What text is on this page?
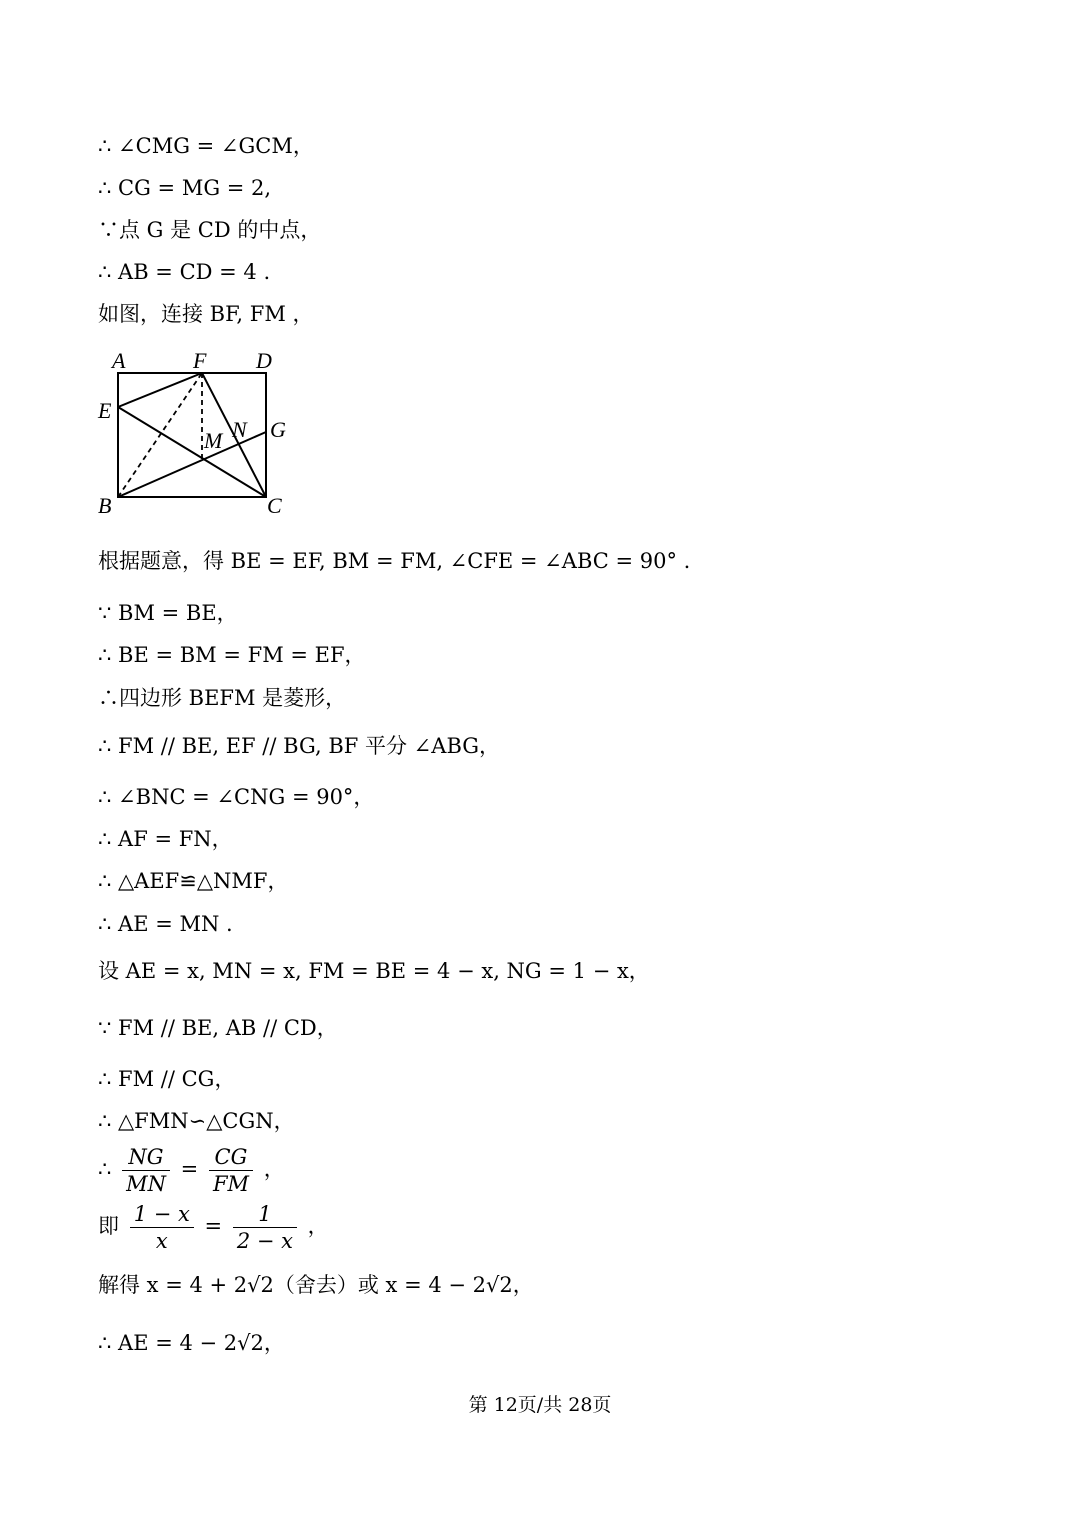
∴ ∠CMG = ∠GCM，
∴ CG = MG = 2,
∵点 G 是 CD 的中点，
∴ AB = CD = 4 .
如图，连接 BF, FM ，
A	F D
E
G
M N
B	C
根据题意，得 BE = EF, BM = FM, ∠CFE = ∠ABC = 90° .
∵ BM = BE，
∴ BE = BM = FM = EF，
∴四边形 BEFM 是菱形，
∴ FM // BE, EF // BG, BF 平分 ∠ABG，
∴ ∠BNC = ∠CNG = 90°，
∴ AF = FN，
∴ △AEF≌△NMF，
∴ AE = MN .
设 AE = x, MN = x, FM = BE = 4 − x, NG = 1 − x，
∵ FM // BE, AB // CD，
∴ FM // CG，
∴ △FMN∽△CGN，
∴ $\frac{NG}{MN} = \frac{CG}{FM}$ ，
即 $\frac{1 - x}{x} = \frac{1}{2 - x}$ ，
解得 x = 4 + 2√2（舍去）或 x = 4 − 2√2，
∴ AE = 4 − 2√2，
第 12页/共 28页
